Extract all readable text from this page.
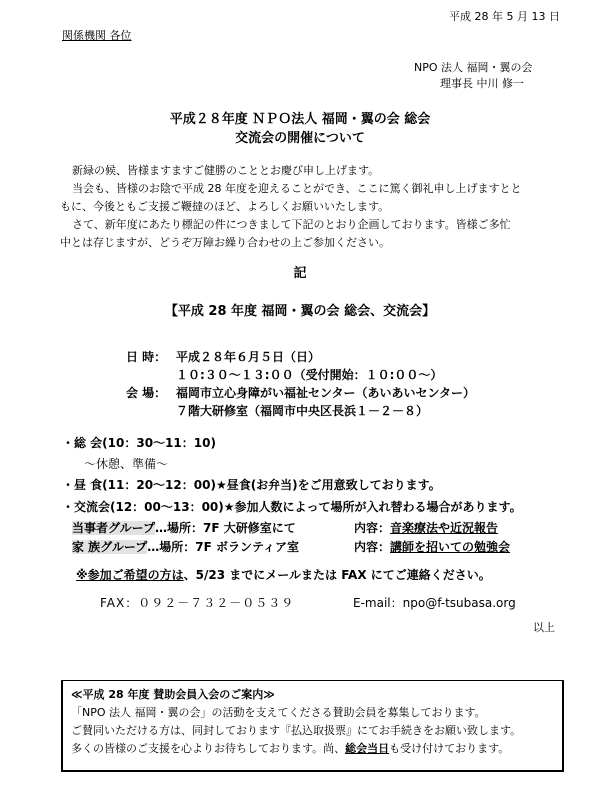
平成 28 年 5 月 13 日
関係機関 各位
NPO 法人 福岡・翼の会
理事長 中川 修一
平成２８年度 ＮＰＯ法人 福岡・翼の会 総会
交流会の開催について
新緑の候、皆様ますますご健勝のこととお慶び申し上げます。
当会も、皆様のお陰で平成 28 年度を迎えることができ、ここに篤く御礼申し上げますとと
もに、今後ともご支援ご鞭撻のほど、よろしくお願いいたします。
さて、新年度にあたり標記の件につきまして下記のとおり企画しております。皆様ご多忙
中とは存じますが、どうぞ万障お繰り合わせの上ご参加ください。
記
【平成 28 年度 福岡・翼の会 総会、交流会】
日 時： 平成２８年６月５日（日）
１０:３０～１３:００（受付開始：１０:００～）
会 場： 福岡市立心身障がい福祉センター（あいあいセンター）
７階大研修室（福岡市中央区長浜１－２－８）
・総 会(10：30～11：10)
～休憩、準備～
・昼 食(11：20～12：00)★昼食(お弁当)をご用意致しております。
・交流会(12：00～13：00)★参加人数によって場所が入れ替わる場合があります。
当事者グループ…場所：7F 大研修室にて	内容：音楽療法や近況報告
家 族グループ…場所：7F ボランティア室	内容：講師を招いての勉強会
※参加ご希望の方は、5/23 までにメールまたは FAX にてご連絡ください。
FAX：０９２－７３２－０５３９	E-mail：npo@f-tsubasa.org
以上
≪平成 28 年度 賛助会員入会のご案内≫
「NPO 法人 福岡・翼の会」の活動を支えてくださる賛助会員を募集しております。
ご賛同いただける方は、同封しております『払込取扱票』にてお手続きをお願い致します。
多くの皆様のご支援を心よりお待ちしております。尚、総会当日も受け付けております。
